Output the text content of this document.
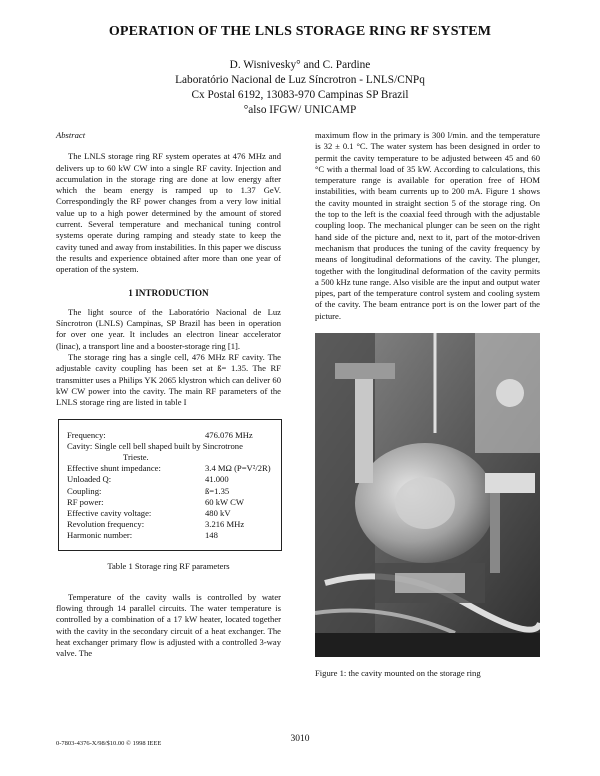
OPERATION OF THE LNLS STORAGE RING RF SYSTEM
D. Wisnivesky° and C. Pardine
Laboratório Nacional de Luz Síncrotron - LNLS/CNPq
Cx Postal 6192, 13083-970 Campinas SP Brazil
°also IFGW/ UNICAMP
Abstract

The LNLS storage ring RF system operates at 476 MHz and delivers up to 60 kW CW into a single RF cavity. Injection and accumulation in the storage ring are done at low energy after which the beam energy is ramped up to 1.37 GeV. Correspondingly the RF power changes from a very low initial value up to a high power determined by the amount of stored current. Several temperature and mechanical tuning control systems operate during ramping and steady state to keep the cavity tuned and away from instabilities. In this paper we discuss the results and experience obtained after more than one year of operation of the system.

1 INTRODUCTION

The light source of the Laboratório Nacional de Luz Síncrotron (LNLS) Campinas, SP Brazil has been in operation for over one year. It includes an electron linear accelerator (linac), a transport line and a booster-storage ring [1].

The storage ring has a single cell, 476 MHz RF cavity. The adjustable cavity coupling has been set at ß= 1.35. The RF transmitter uses a Philips YK 2065 klystron which can deliver 60 kW CW power into the cavity. The main RF parameters of the LNLS storage ring are listed in table I

Frequency:	476.076 MHz
Cavity: Single cell bell shaped built by Sincrotrone
Trieste.
Effective shunt impedance:	3.4 MΩ (P=V²/2R)
Unloaded Q:	41.000
Coupling:	ß=1.35
RF power:	60 kW CW
Effective cavity voltage:	480 kV
Revolution frequency:	3.216 MHz
Harmonic number:	148
Table 1 Storage ring RF parameters

Temperature of the cavity walls is controlled by water flowing through 14 parallel circuits. The water temperature is controlled by a combination of a 17 kW heater, located together with the cavity in the secondary circuit of a heat exchanger. The heat exchanger primary flow is adjusted with a controlled 3-way valve. The

maximum flow in the primary is 300 l/min. and the temperature is 32 ± 0.1 °C. The water system has been designed in order to permit the cavity temperature to be adjusted between 45 and 60 °C with a thermal load of 35 kW. According to calculations, this temperature range is available for operation free of HOM instabilities, with beam currents up to 200 mA. Figure 1 shows the cavity mounted in straight section 5 of the storage ring. On the top to the left is the coaxial feed through with the adjustable coupling loop. The mechanical plunger can be seen on the right hand side of the picture and, next to it, part of the motor-driven mechanism that produces the tuning of the cavity frequency by means of longitudinal deformations of the cavity. The plunger, together with the longitudinal deformation of the cavity permits a 500 kHz tune range. Also visible are the input and output water pipes, part of the temperature control system and cooling system of the cavity. The beam entrance port is on the lower part of the picture.

Figure 1: the cavity mounted on the storage ring
0-7803-4376-X/98/$10.00 © 1998 IEEE	3010
